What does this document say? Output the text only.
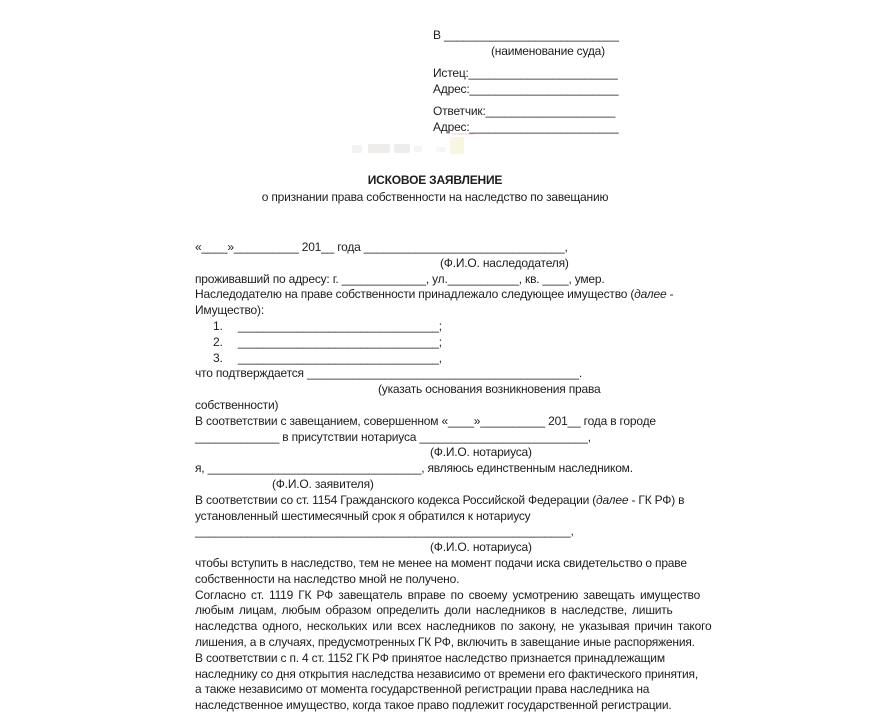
В ___________________________
(наименование суда)
Истец:_______________________
Адрес:_______________________
Ответчик:____________________
Адрес:_______________________
ИСКОВОЕ ЗАЯВЛЕНИЕ
о признании права собственности на наследство по завещанию
«____»__________ 201__ года _______________________________,
(Ф.И.О. наследодателя)
проживавший по адресу: г. _____________, ул.___________, кв. ____, умер.
Наследодателю на праве собственности принадлежало следующее имущество (далее -
Имущество):
1. _______________________________;
2. _______________________________;
3. _______________________________,
что подтверждается __________________________________________.
(указать основания возникновения права
собственности)
В соответствии с завещанием, совершенном «____»__________ 201__ года в городе
_____________ в присутствии нотариуса __________________________,
(Ф.И.О. нотариуса)
я, _________________________________, являюсь единственным наследником.
(Ф.И.О. заявителя)
В соответствии со ст. 1154 Гражданского кодекса Российской Федерации (далее - ГК РФ) в
установленный шестимесячный срок я обратился к нотариусу
__________________________________________________________,
(Ф.И.О. нотариуса)
чтобы вступить в наследство, тем не менее на момент подачи иска свидетельство о праве
собственности на наследство мной не получено.
Согласно ст. 1119 ГК РФ завещатель вправе по своему усмотрению завещать имущество
любым лицам, любым образом определить доли наследников в наследстве, лишить
наследства одного, нескольких или всех наследников по закону, не указывая причин такого
лишения, а в случаях, предусмотренных ГК РФ, включить в завещание иные распоряжения.
В соответствии с п. 4 ст. 1152 ГК РФ принятое наследство признается принадлежащим
наследнику со дня открытия наследства независимо от времени его фактического принятия,
а также независимо от момента государственной регистрации права наследника на
наследственное имущество, когда такое право подлежит государственной регистрации.
